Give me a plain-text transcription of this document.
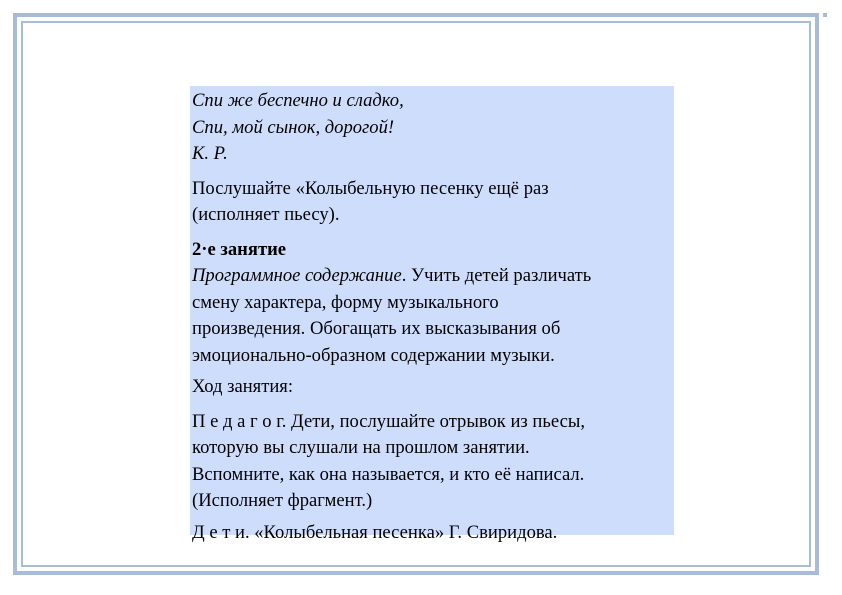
Спи же беспечно и сладко,
Спи, мой сынок, дорогой!
К. Р.
Послушайте «Колыбельную песенку ещё раз
(исполняет пьесу).
2·е занятие
Программное содержание. Учить детей различать
смену характера, форму музыкального
произведения. Обогащать их высказывания об
эмоционально-образном содержании музыки.
Ход занятия:
П е д а г о г. Дети, послушайте отрывок из пьесы,
которую вы слушали на прошлом занятии.
Вспомните, как она называется, и кто её написал.
(Исполняет фрагмент.)
Д е т и. «Колыбельная песенка» Г. Свиридова.
